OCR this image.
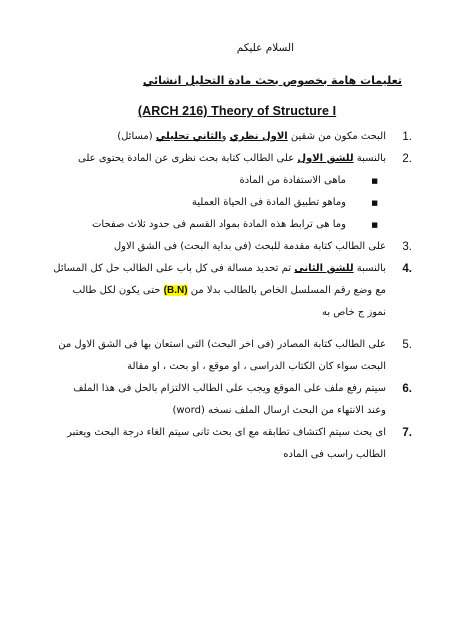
السلام عليكم
تعليمات هامة بخصوص بحث مادة التحليل انشائي
(ARCH 216) Theory of Structure I
1.
البحث مكون من شقين الاول نظري والثاني تحليلي (مسائل)
2.
بالنسبة للشق الاول على الطالب كتابة بحث نظرى عن المادة يحتوى على
■
ماهى الاستفادة من المادة
■
وماهو تطبيق المادة فى الحياة العملية
■
وما هى ترابط هذه المادة بمواد القسم فى حدود ثلاث صفحات
3.
على الطالب كتابة مقدمة للبحث (فى بداية البحث) فى الشق الاول
4.
بالنسبة للشق الثانى تم تحديد مسالة فى كل باب على الطالب حل كل المسائل مع وضع رقم المسلسل الخاص بالطالب بدلا من (B.N) حتى يكون لكل طالب نموز ج خاص به
5.
على الطالب كتابة المصادر (فى اخر البحث) التى استعان بها فى الشق الاول من البحث سواء كان الكتاب الدراسى ، او موقع ، او بحث ، او مقالة
6.
سيتم رفع ملف على الموقع ويجب على الطالب الالتزام بالحل فى هذا الملف وعند الانتهاء من البحث ارسال الملف نسخه (word)
7.
اى بحث سيتم اكتشاف تطابقه مع اى بحث ثانى سيتم الغاء درجة البحث ويعتبر الطالب راسب فى الماده
